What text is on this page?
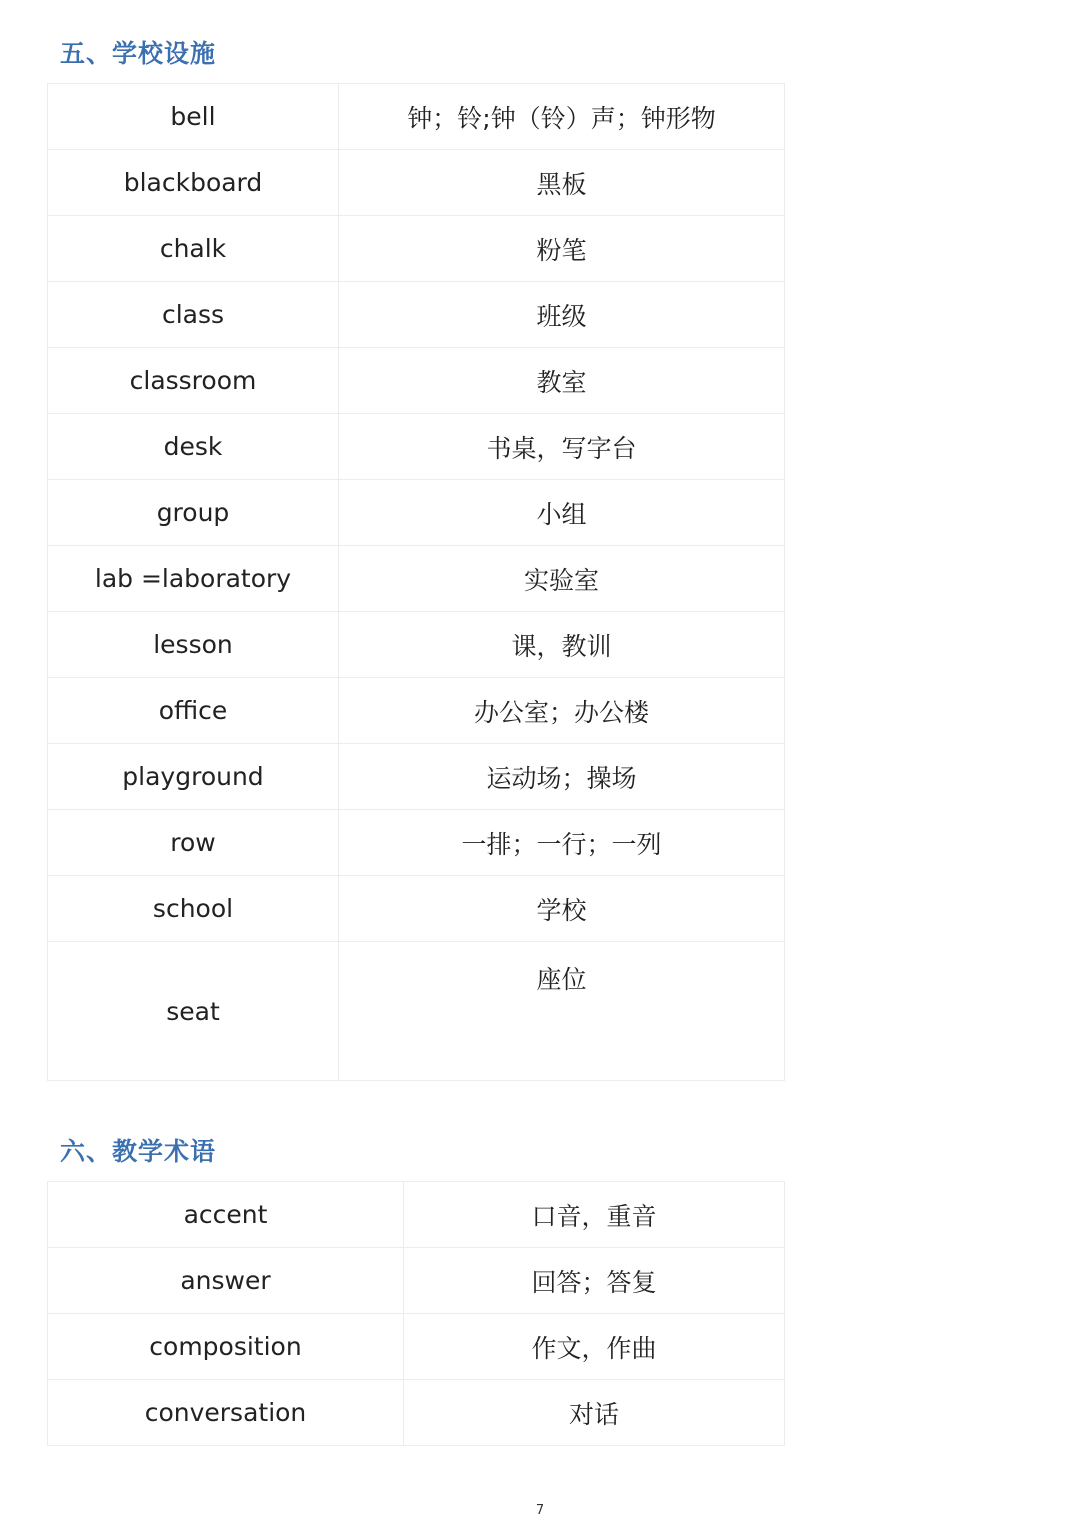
五、学校设施
bell	钟；铃;钟（铃）声；钟形物
blackboard	黑板
chalk	粉笔
class	班级
classroom	教室
desk	书桌，写字台
group	小组
lab =laboratory	实验室
lesson	课，教训
office	办公室；办公楼
playground	运动场；操场
row	一排；一行；一列
school	学校
seat	座位
六、教学术语
accent	口音，重音
answer	回答；答复
composition	作文，作曲
conversation	对话
7
